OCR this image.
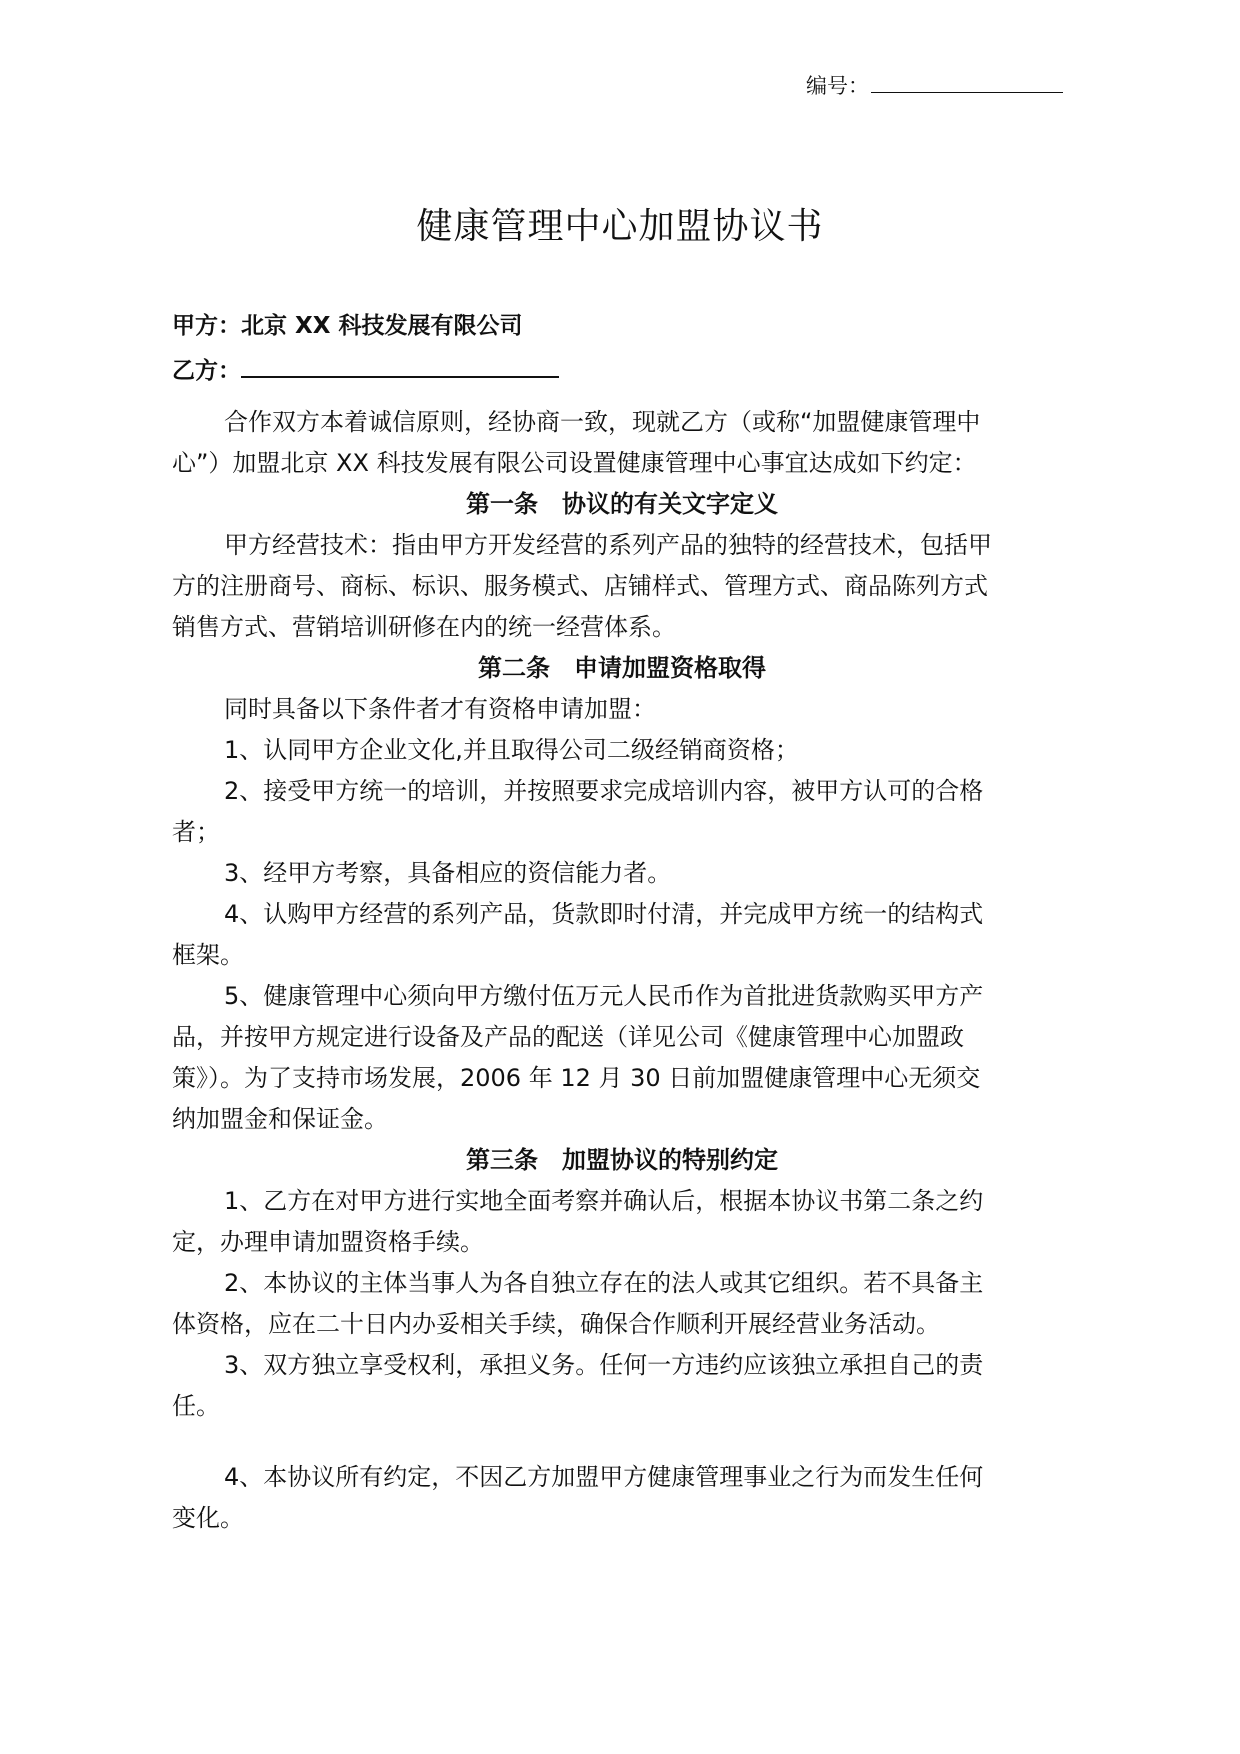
编号：
健康管理中心加盟协议书
甲方：北京 XX 科技发展有限公司
乙方：
合作双方本着诚信原则，经协商一致，现就乙方（或称“加盟健康管理中
心”）加盟北京 XX 科技发展有限公司设置健康管理中心事宜达成如下约定：
第一条　协议的有关文字定义
甲方经营技术：指由甲方开发经营的系列产品的独特的经营技术，包括甲
方的注册商号、商标、标识、服务模式、店铺样式、管理方式、商品陈列方式
销售方式、营销培训研修在内的统一经营体系。
第二条　申请加盟资格取得
同时具备以下条件者才有资格申请加盟：
1、认同甲方企业文化,并且取得公司二级经销商资格；
2、接受甲方统一的培训，并按照要求完成培训内容，被甲方认可的合格
者；
3、经甲方考察，具备相应的资信能力者。
4、认购甲方经营的系列产品，货款即时付清，并完成甲方统一的结构式
框架。
5、健康管理中心须向甲方缴付伍万元人民币作为首批进货款购买甲方产
品，并按甲方规定进行设备及产品的配送（详见公司《健康管理中心加盟政
策》）。为了支持市场发展，2006 年 12 月 30 日前加盟健康管理中心无须交
纳加盟金和保证金。
第三条　加盟协议的特别约定
1、乙方在对甲方进行实地全面考察并确认后，根据本协议书第二条之约
定，办理申请加盟资格手续。
2、本协议的主体当事人为各自独立存在的法人或其它组织。若不具备主
体资格，应在二十日内办妥相关手续，确保合作顺利开展经营业务活动。
3、双方独立享受权利，承担义务。任何一方违约应该独立承担自己的责
任。
4、本协议所有约定，不因乙方加盟甲方健康管理事业之行为而发生任何
变化。
